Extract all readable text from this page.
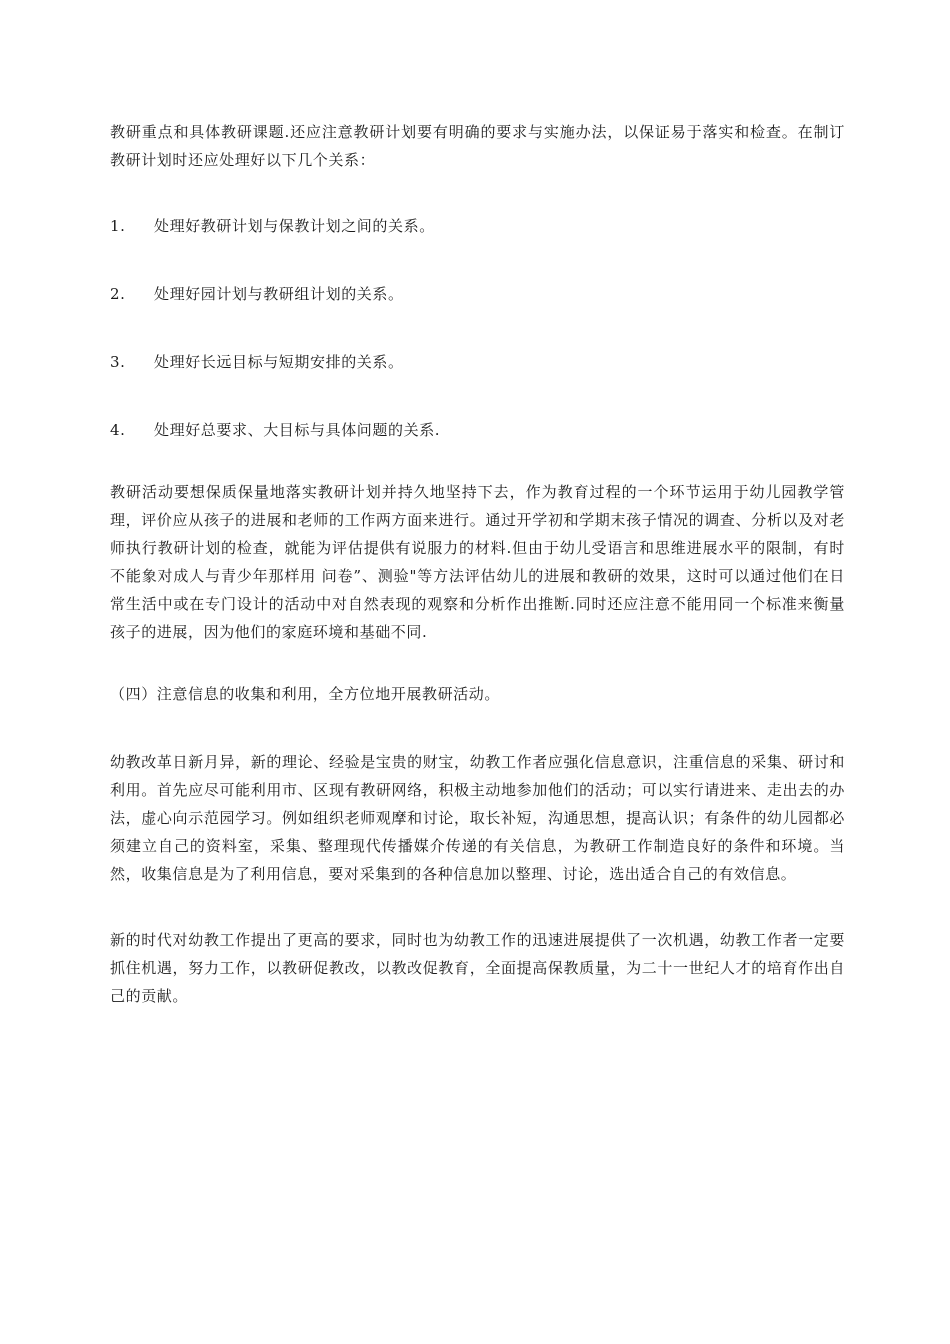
教研重点和具体教研课题.还应注意教研计划要有明确的要求与实施办法，以保证易于落实和检查。在制订教研计划时还应处理好以下几个关系：

1.	处理好教研计划与保教计划之间的关系。
2.	处理好园计划与教研组计划的关系。
3.	处理好长远目标与短期安排的关系。
4.	处理好总要求、大目标与具体问题的关系.

教研活动要想保质保量地落实教研计划并持久地坚持下去，作为教育过程的一个环节运用于幼儿园教学管理，评价应从孩子的进展和老师的工作两方面来进行。通过开学初和学期末孩子情况的调查、分析以及对老师执行教研计划的检查，就能为评估提供有说服力的材料.但由于幼儿受语言和思维进展水平的限制，有时不能象对成人与青少年那样用 问卷”、测验"等方法评估幼儿的进展和教研的效果，这时可以通过他们在日常生活中或在专门设计的活动中对自然表现的观察和分析作出推断.同时还应注意不能用同一个标准来衡量孩子的进展，因为他们的家庭环境和基础不同.

（四）注意信息的收集和利用，全方位地开展教研活动。

幼教改革日新月异，新的理论、经验是宝贵的财宝，幼教工作者应强化信息意识，注重信息的采集、研讨和利用。首先应尽可能利用市、区现有教研网络，积极主动地参加他们的活动；可以实行请进来、走出去的办法，虚心向示范园学习。例如组织老师观摩和讨论，取长补短，沟通思想，提高认识；有条件的幼儿园都必须建立自己的资料室，采集、整理现代传播媒介传递的有关信息，为教研工作制造良好的条件和环境。当然，收集信息是为了利用信息，要对采集到的各种信息加以整理、讨论，选出适合自己的有效信息。

新的时代对幼教工作提出了更高的要求，同时也为幼教工作的迅速进展提供了一次机遇，幼教工作者一定要抓住机遇，努力工作，以教研促教改，以教改促教育，全面提高保教质量，为二十一世纪人才的培育作出自己的贡献。
